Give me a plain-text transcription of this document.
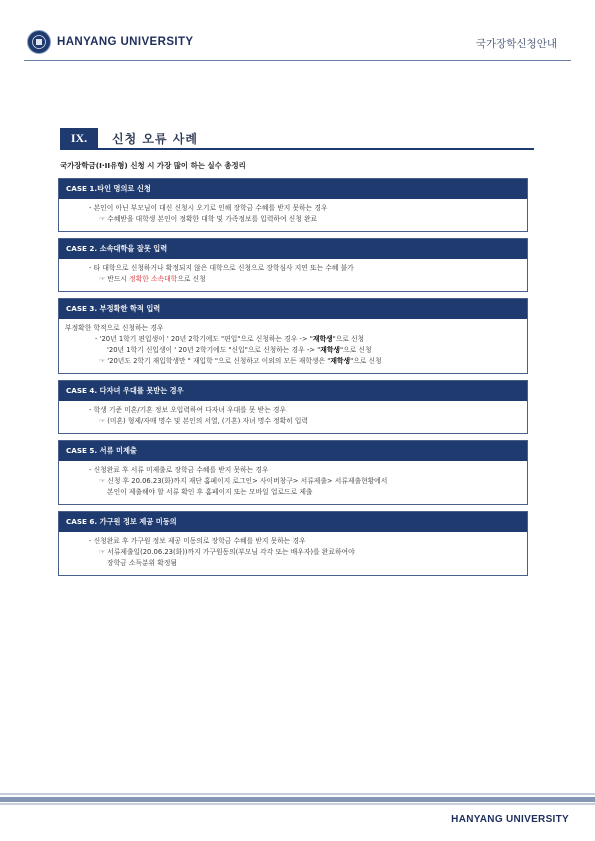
HANYANG UNIVERSITY	국가장학신청안내
IX.	신청 오류 사례
국가장학금(I·II유형) 신청 시 가장 많이 하는 실수 총정리
CASE 1.타인 명의로 신청
- 본인이 아닌 부모님이 대신 신청시 오기로 인해 장학금 수혜를 받지 못하는 경우
☞ 수혜받을 대학생 본인이 정확한 대학 및 가족정보를 입력하여 신청 완료
CASE 2. 소속대학을 잘못 입력
- 타 대학으로 신청하거나 확정되지 않은 대학으로 신청으로 장학심사 지연 또는 수혜 불가
☞ 반드시 정확한 소속대학으로 신청
CASE 3. 부정확한 학적 입력
부정확한 학적으로 신청하는 경우
- '20년 1학기 편입생이 ' 20년 2학기에도 "편입"으로 신청하는 경우 -> "재학생"으로 신청
'20년 1학기 신입생이 ' 20년 2학기에도 "신입"으로 신청하는 경우 -> "재학생"으로 신청
☞ '20년도 2학기 재입학생만 " 재입학 "으로 신청하고 이외의 모든 재학생은 "재학생"으로 신청
CASE 4. 다자녀 우대를 못받는 경우
- 학생 기준 미혼/기혼 정보 오입력하여 다자녀 우대를 못 받는 경우
☞ (미혼) 형제/자매 명수 및 본인의 서열, (기혼) 자녀 명수 정확히 입력
CASE 5. 서류 미제출
- 신청완료 후 서류 미제출로 장학금 수혜를 받지 못하는 경우
☞ 신청 후 20.06.23(화)까지 재단 홈페이지 로그인> 사이버창구> 서류제출> 서류제출현황에서
본인이 제출해야 할 서류 확인 후 홈페이지 또는 모바일 업로드로 제출
CASE 6. 가구원 정보 제공 미동의
- 신청완료 후 가구원 정보 제공 미동의로 장학금 수혜를 받지 못하는 경우
☞ 서류제출일(20.06.23(화))까지 가구원동의(부모님 각각 또는 배우자)를 완료하여야
장학금 소득분위 확정됨
HANYANG UNIVERSITY
